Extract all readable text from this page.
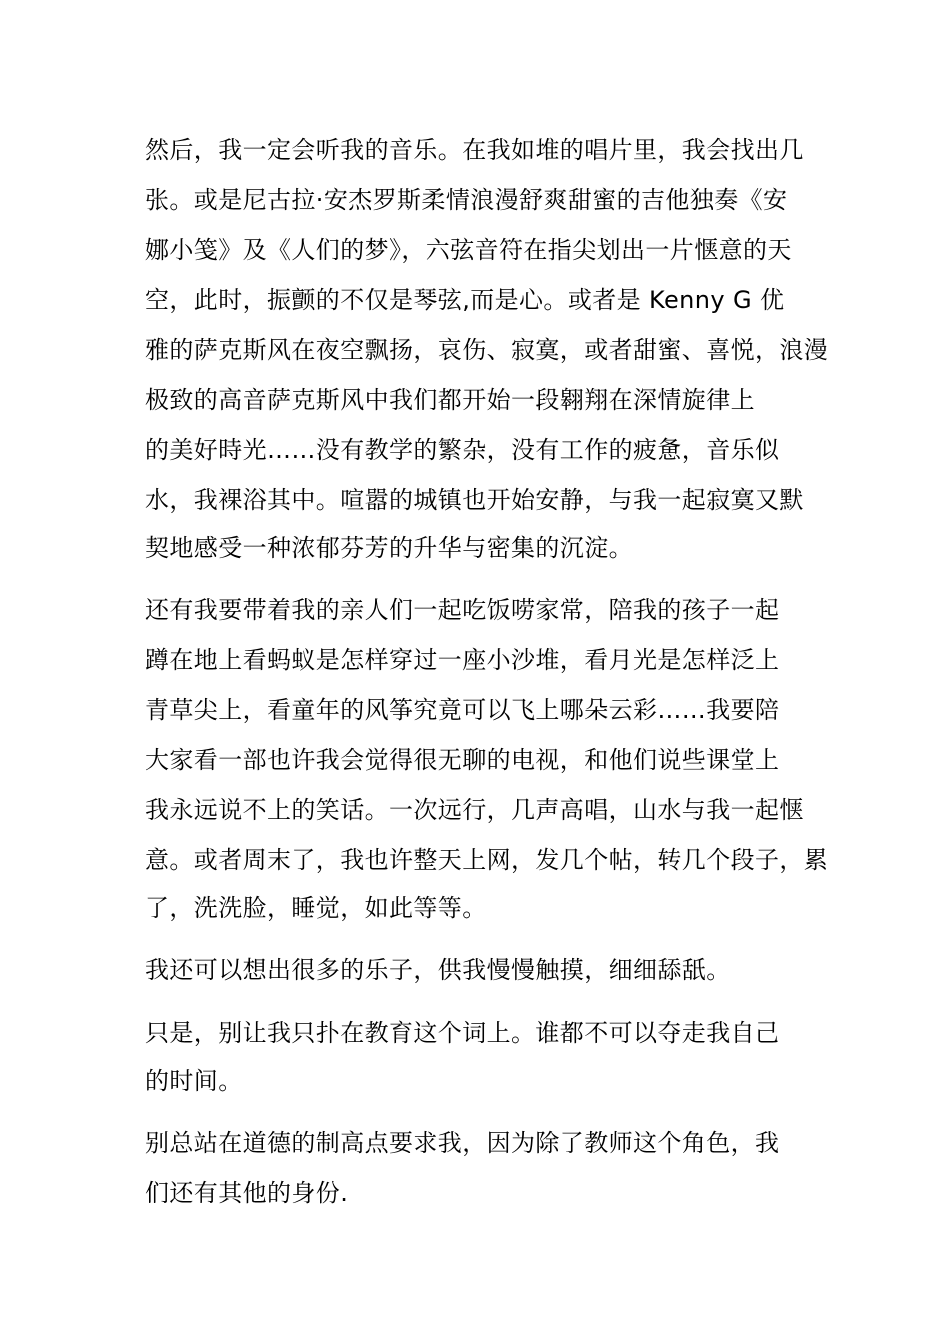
然后，我一定会听我的音乐。在我如堆的唱片里，我会找出几
张。或是尼古拉·安杰罗斯柔情浪漫舒爽甜蜜的吉他独奏《安
娜小笺》及《人们的梦》，六弦音符在指尖划出一片惬意的天
空，此时，振颤的不仅是琴弦,而是心。或者是 Kenny G 优
雅的萨克斯风在夜空飘扬，哀伤、寂寞，或者甜蜜、喜悦，浪漫
极致的高音萨克斯风中我们都开始一段翱翔在深情旋律上
的美好時光……没有教学的繁杂，没有工作的疲惫，音乐似
水，我裸浴其中。喧嚣的城镇也开始安静，与我一起寂寞又默
契地感受一种浓郁芬芳的升华与密集的沉淀。
还有我要带着我的亲人们一起吃饭唠家常，陪我的孩子一起
蹲在地上看蚂蚁是怎样穿过一座小沙堆，看月光是怎样泛上
青草尖上，看童年的风筝究竟可以飞上哪朵云彩……我要陪
大家看一部也许我会觉得很无聊的电视，和他们说些课堂上
我永远说不上的笑话。一次远行，几声高唱，山水与我一起惬
意。或者周末了，我也许整天上网，发几个帖，转几个段子，累
了，洗洗脸，睡觉，如此等等。
我还可以想出很多的乐子，供我慢慢触摸，细细舔舐。
只是，别让我只扑在教育这个词上。谁都不可以夺走我自己
的时间。
别总站在道德的制高点要求我，因为除了教师这个角色，我
们还有其他的身份.
